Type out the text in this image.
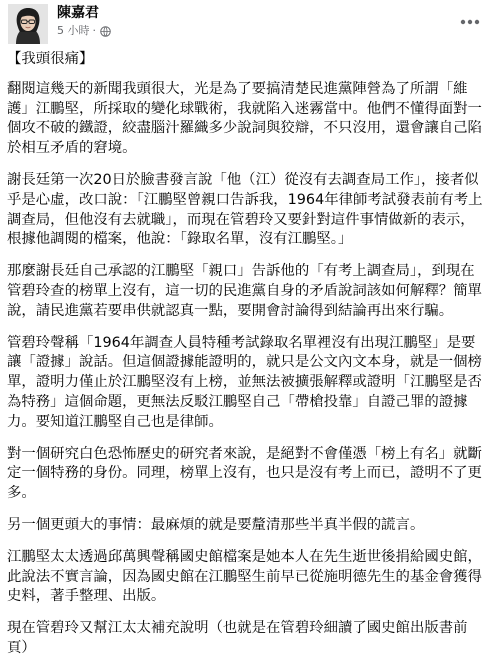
陳嘉君
5 小時 ·

【我頭很痛】

翻閱這幾天的新聞我頭很大，光是為了要搞清楚民進黨陣營為了所謂「維護」江鵬堅，所採取的變化球戰術，我就陷入迷霧當中。他們不懂得面對一個攻不破的鐵證，絞盡腦汁羅織多少說詞與狡辯，不只沒用，還會讓自己陷於相互矛盾的窘境。

謝長廷第一次20日於臉書發言說「他（江）從沒有去調查局工作」，接者似乎是心虛，改口說：「江鵬堅曾親口告訴我，1964年律師考試發表前有考上調查局，但他沒有去就職」，而現在管碧玲又要針對這件事情做新的表示，根據他調閱的檔案，他說：「錄取名單，沒有江鵬堅。」

那麼謝長廷自己承認的江鵬堅「親口」告訴他的「有考上調查局」，到現在管碧玲查的榜單上沒有，這一切的民進黨自身的矛盾說詞該如何解釋？簡單說，請民進黨若要串供就認真一點，要開會討論得到結論再出來行騙。

管碧玲聲稱「1964年調查人員特種考試錄取名單裡沒有出現江鵬堅」是要讓「證據」說話。但這個證據能證明的，就只是公文內文本身，就是一個榜單，證明力僅止於江鵬堅沒有上榜，並無法被擴張解釋或證明「江鵬堅是否為特務」這個命題，更無法反駁江鵬堅自己「帶槍投靠」自證己罪的證據力。要知道江鵬堅自己也是律師。

對一個研究白色恐怖歷史的研究者來說，是絕對不會僅憑「榜上有名」就斷定一個特務的身份。同理，榜單上沒有，也只是沒有考上而已，證明不了更多。

另一個更頭大的事情：最麻煩的就是要釐清那些半真半假的謊言。

江鵬堅太太透過邱萬興聲稱國史館檔案是她本人在先生逝世後捐給國史館，此說法不實言論，因為國史館在江鵬堅生前早已從施明德先生的基金會獲得史料，著手整理、出版。

現在管碧玲又幫江太太補充說明（也就是在管碧玲細讀了國史館出版書前頁）
